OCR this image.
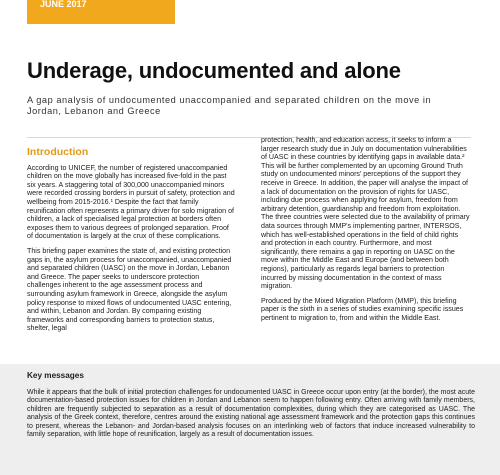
JUNE 2017
Underage, undocumented and alone

A gap analysis of undocumented unaccompanied and separated children on the move in Jordan, Lebanon and Greece

Introduction

According to UNICEF, the number of registered unaccompanied children on the move globally has increased five-fold in the past six years. A staggering total of 300,000 unaccompanied minors were recorded crossing borders in pursuit of safety, protection and wellbeing from 2015-2016.¹ Despite the fact that family reunification often represents a primary driver for solo migration of children, a lack of specialised legal protection at borders often exposes them to various degrees of prolonged separation. Proof of documentation is largely at the crux of these complications.

This briefing paper examines the state of, and existing protection gaps in, the asylum process for unaccompanied, unaccompanied and separated children (UASC) on the move in Jordan, Lebanon and Greece. The paper seeks to underscore protection challenges inherent to the age assessment process and surrounding asylum framework in Greece, alongside the asylum policy response to mixed flows of undocumented UASC entering, and within, Lebanon and Jordan. By comparing existing frameworks and corresponding barriers to protection status, shelter, legal

protection, health, and education access, it seeks to inform a larger research study due in July on documentation vulnerabilities of UASC in these countries by identifying gaps in available data.² This will be further complemented by an upcoming Ground Truth study on undocumented minors' perceptions of the support they receive in Greece. In addition, the paper will analyse the impact of a lack of documentation on the provision of rights for UASC, including due process when applying for asylum, freedom from arbitrary detention, guardianship and freedom from exploitation. The three countries were selected due to the availability of primary data sources through MMP's implementing partner, INTERSOS, which has well-established operations in the field of child rights and protection in each country. Furthermore, and most significantly, there remains a gap in reporting on UASC on the move within the Middle East and Europe (and between both regions), particularly as regards legal barriers to protection incurred by missing documentation in the context of mass migration.

Produced by the Mixed Migration Platform (MMP), this briefing paper is the sixth in a series of studies examining specific issues pertinent to migration to, from and within the Middle East.

Key messages

While it appears that the bulk of initial protection challenges for undocumented UASC in Greece occur upon entry (at the border), the most acute documentation-based protection issues for children in Jordan and Lebanon seem to happen following entry. Often arriving with family members, children are frequently subjected to separation as a result of documentation complexities, during which they are categorised as UASC. The analysis of the Greek context, therefore, centres around the existing national age assessment framework and the protection gaps this continues to present, whereas the Lebanon- and Jordan-based analysis focuses on an interlinking web of factors that induce increased vulnerability to family separation, with little hope of reunification, largely as a result of documentation issues.
